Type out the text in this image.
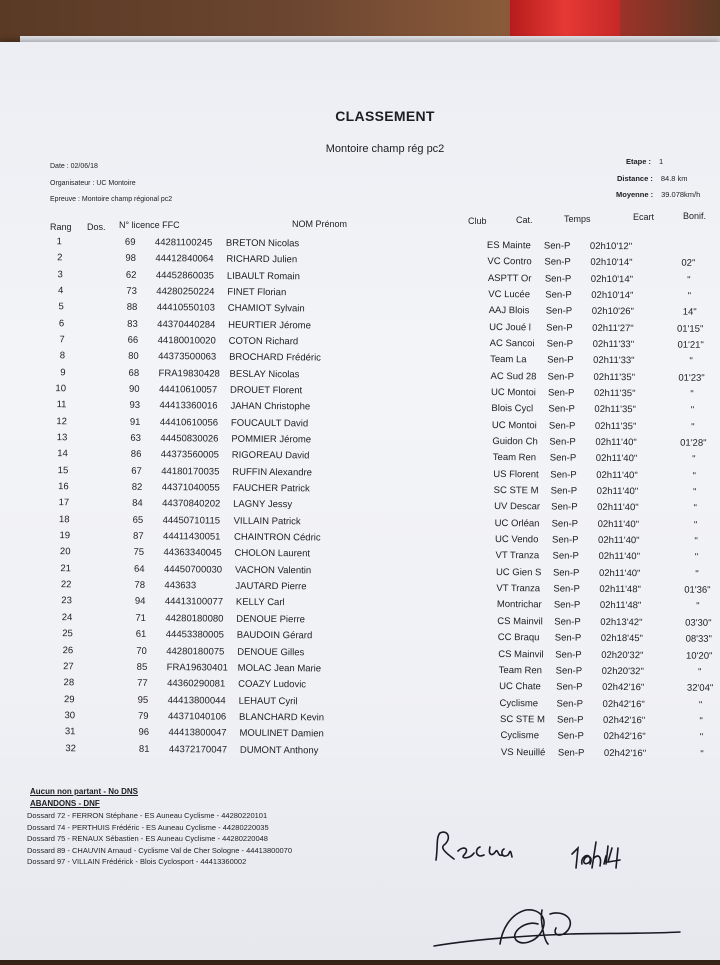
CLASSEMENT
Montoire champ rég pc2
Date : 02/06/18
Organisateur : UC Montoire
Epreuve : Montoire champ régional pc2
Etape : 1
Distance : 84.8 km
Moyenne : 39.078km/h
Rang Dos. N° licence FFC	NOM Prénom	Club	Cat.	Temps	Ecart	Bonif.
1	69 44281100245 BRETON Nicolas	ES Mainte Sen-P 02h10'12"
2	98 44412840064 RICHARD Julien	VC Contro Sen-P 02h10'14"	02"
3	62 44452860035 LIBAULT Romain	ASPTT Or Sen-P 02h10'14"	"
4	73 44280250224 FINET Florian	VC Lucée Sen-P 02h10'14"	"
5	88 44410550103 CHAMIOT Sylvain	AAJ Blois Sen-P 02h10'26"	14"
6	83 44370440284 HEURTIER Jérome	UC Joué l Sen-P 02h11'27"	01'15"
7	66 44180010020 COTON Richard	AC Sancoi Sen-P 02h11'33"	01'21"
8	80 44373500063 BROCHARD Frédéric	Team La Sen-P 02h11'33"	"
9	68 FRA19830428 BESLAY Nicolas	AC Sud 28 Sen-P 02h11'35"	01'23"
10	90 44410610057 DROUET Florent	UC Montoi Sen-P 02h11'35"	"
11	93 44413360016 JAHAN Christophe	Blois Cycl Sen-P 02h11'35"	"
12	91 44410610056 FOUCAULT David	UC Montoi Sen-P 02h11'35"	"
13	63 44450830026 POMMIER Jérome	Guidon Ch Sen-P 02h11'40"	01'28"
14	86 44373560005 RIGOREAU David	Team Ren Sen-P 02h11'40"	"
15	67 44180170035 RUFFIN Alexandre	US Florent Sen-P 02h11'40"	"
16	82 44371040055 FAUCHER Patrick	SC STE M Sen-P 02h11'40"	"
17	84 44370840202 LAGNY Jessy	UV Descar Sen-P 02h11'40"	"
18	65 44450710115 VILLAIN Patrick	UC Orléan Sen-P 02h11'40"	"
19	87 44411430051 CHAINTRON Cédric	UC Vendo Sen-P 02h11'40"	"
20	75 44363340045 CHOLON Laurent	VT Tranza Sen-P 02h11'40"	"
21	64 44450700030 VACHON Valentin	UC Gien S Sen-P 02h11'40"	"
22	78 443633	JAUTARD Pierre	VT Tranza Sen-P 02h11'48"	01'36"
23	94 44413100077 KELLY Carl	Montrichar Sen-P 02h11'48"	"
24	71 44280180080 DENOUE Pierre	CS Mainvil Sen-P 02h13'42"	03'30"
25	61 44453380005 BAUDOIN Gérard	CC Braqu Sen-P 02h18'45"	08'33"
26	70 44280180075 DENOUE Gilles	CS Mainvil Sen-P 02h20'32"	10'20"
27	85 FRA19630401 MOLAC Jean Marie	Team Ren Sen-P 02h20'32"	"
28	77 44360290081 COAZY Ludovic	UC Chate Sen-P 02h42'16"	32'04"
29	95 44413800044 LEHAUT Cyril	Cyclisme Sen-P 02h42'16"	"
30	79 44371040106 BLANCHARD Kevin	SC STE M Sen-P 02h42'16"	"
31	96 44413800047 MOULINET Damien	Cyclisme Sen-P 02h42'16"	"
32	81 44372170047 DUMONT Anthony	VS Neuillé Sen-P 02h42'16"	"
Aucun non partant - No DNS
ABANDONS - DNF
Dossard 72 - FERRON Stéphane - ES Auneau Cyclisme - 44280220101
Dossard 74 - PERTHUIS Frédéric - ES Auneau Cyclisme - 44280220035
Dossard 75 - RENAUX Sébastien - ES Auneau Cyclisme - 44280220048
Dossard 89 - CHAUVIN Arnaud - Cyclisme Val de Cher Sologne - 44413800070
Dossard 97 - VILLAIN Frédérick - Blois Cyclosport - 44413360002
